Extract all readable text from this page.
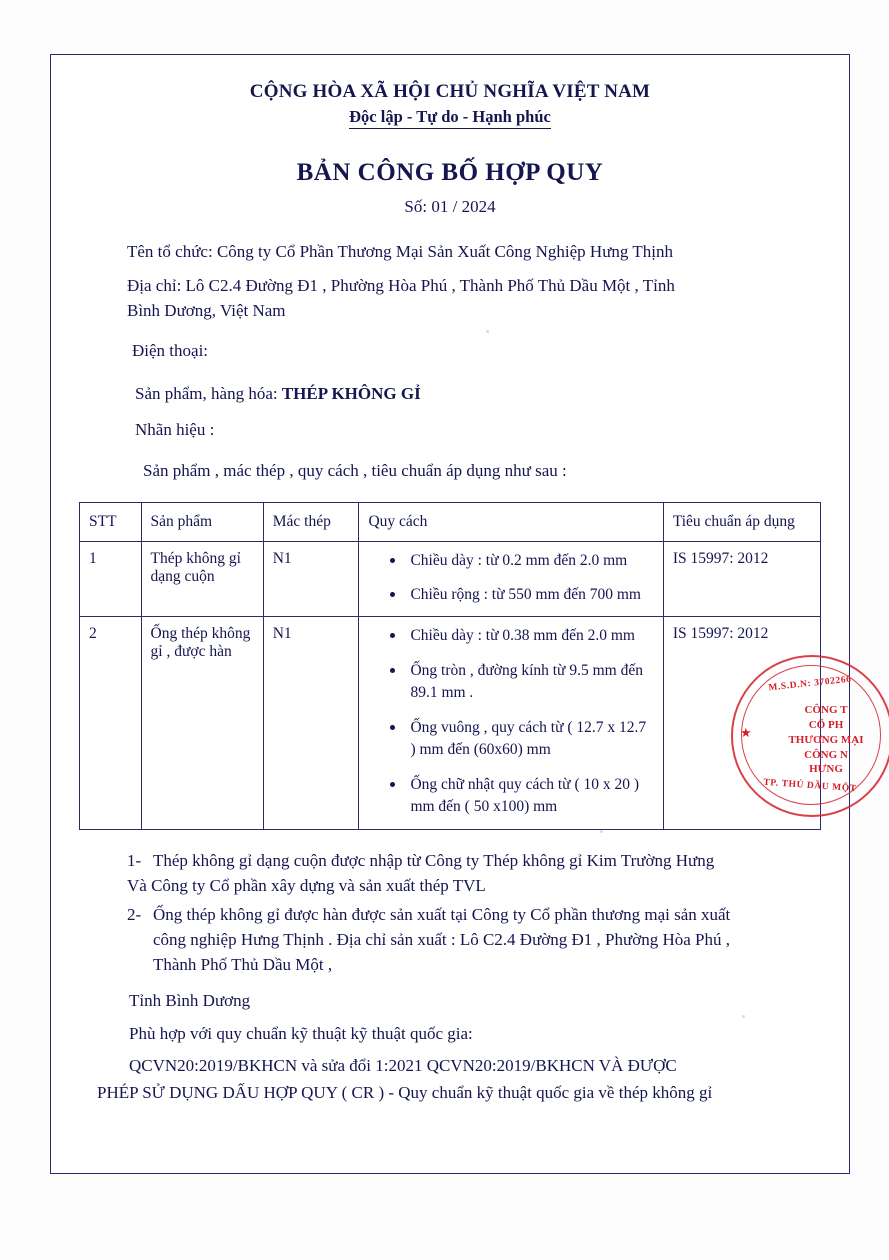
CỘNG HÒA XÃ HỘI CHỦ NGHĨA VIỆT NAM
Độc lập - Tự do - Hạnh phúc
BẢN CÔNG BỐ HỢP QUY
Số: 01 / 2024
Tên tổ chức: Công ty Cổ Phần Thương Mại Sản Xuất Công Nghiệp Hưng Thịnh
Địa chỉ: Lô C2.4 Đường Đ1 , Phường Hòa Phú , Thành Phố Thủ Dầu Một , Tỉnh
Bình Dương, Việt Nam
Điện thoại:
Sản phẩm, hàng hóa: THÉP KHÔNG GỈ
Nhãn hiệu :
Sản phẩm , mác thép , quy cách , tiêu chuẩn áp dụng như sau :
STT	Sản phẩm	Mác thép	Quy cách	Tiêu chuẩn áp dụng
1	Thép không gỉ dạng cuộn	N1	Chiều dày : từ 0.2 mm đến 2.0 mm
Chiều rộng : từ 550 mm đến 700 mm
	IS 15997: 2012
2	Ống thép không gỉ , được hàn	N1	Chiều dày : từ 0.38 mm đến 2.0 mm
Ống tròn , đường kính từ 9.5 mm đến 89.1 mm .
Ống vuông , quy cách từ ( 12.7 x 12.7 ) mm đến (60x60) mm
Ống chữ nhật quy cách từ ( 10 x 20 ) mm đến ( 50 x100) mm
	IS 15997: 2012
1- Thép không gỉ dạng cuộn được nhập từ Công ty Thép không gỉ Kim Trường Hưng
Và Công ty Cổ phần xây dựng và sản xuất thép TVL
2- Ống thép không gỉ được hàn được sản xuất tại Công ty Cổ phần thương mại sản xuất
công nghiệp Hưng Thịnh . Địa chỉ sản xuất : Lô C2.4 Đường Đ1 , Phường Hòa Phú ,
Thành Phố Thủ Dầu Một ,
Tỉnh Bình Dương
Phù hợp với quy chuẩn kỹ thuật kỹ thuật quốc gia:
QCVN20:2019/BKHCN và sửa đổi 1:2021 QCVN20:2019/BKHCN VÀ ĐƯỢC
PHÉP SỬ DỤNG DẤU HỢP QUY ( CR ) - Quy chuẩn kỹ thuật quốc gia về thép không gỉ
★
M.S.D.N: 3702266
TP. THỦ DẦU MỘT
CÔNG T
CỔ PH
THƯƠNG MẠI
CÔNG N
HƯNG
